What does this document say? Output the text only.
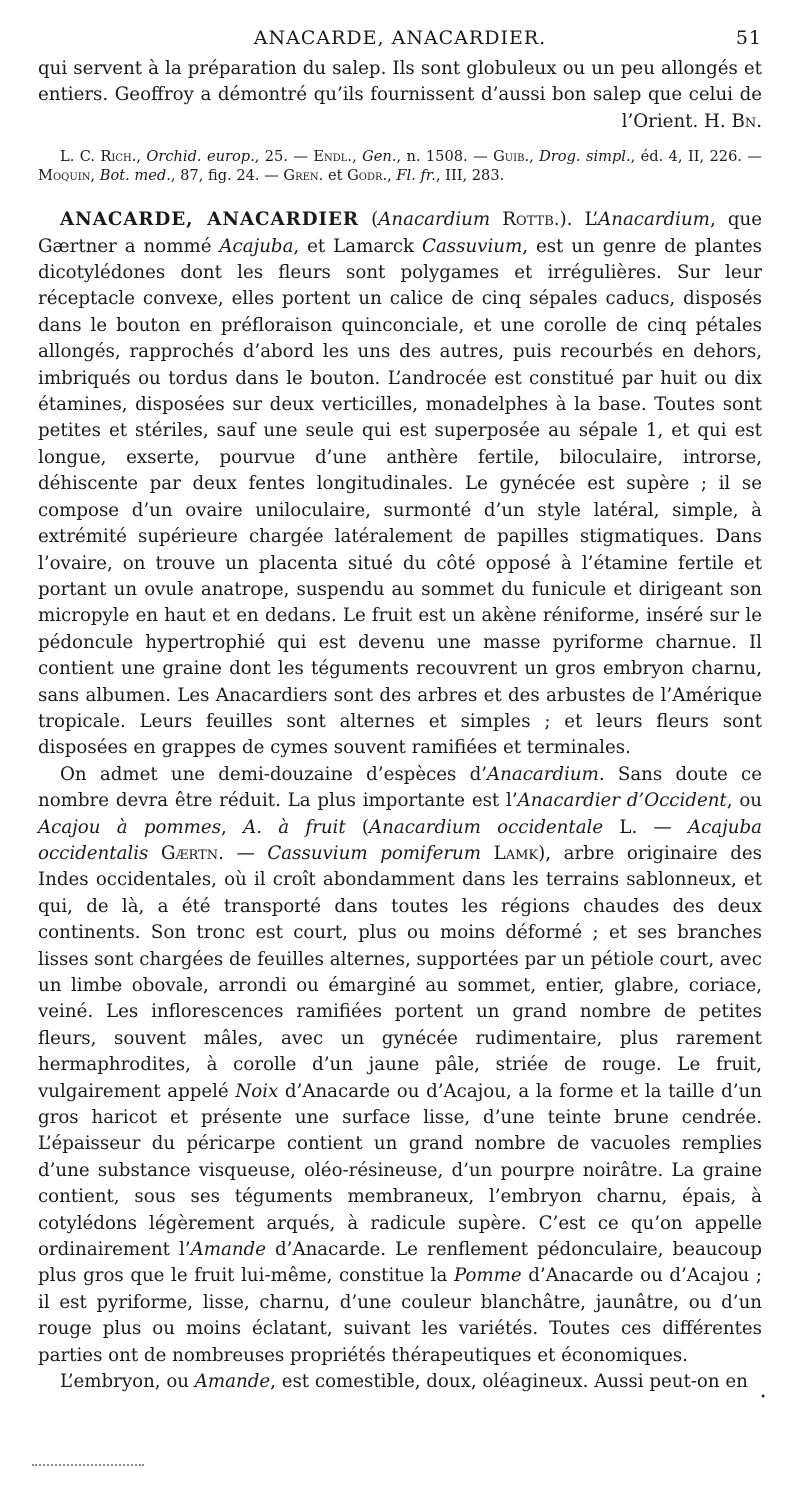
ANACARDE, ANACARDIER.	51

qui servent à la préparation du salep. Ils sont globuleux ou un peu allongés et entiers. Geoffroy a démontré qu’ils fournissent d’aussi bon salep que celui de l’Orient. H. Bn.

L. C. Rich., Orchid. europ., 25. — Endl., Gen., n. 1508. — Guib., Drog. simpl., éd. 4, II, 226. — Moquin, Bot. med., 87, fig. 24. — Gren. et Godr., Fl. fr., III, 283.

ANACARDE, ANACARDIER (Anacardium Rottb.). L’Anacardium, que Gærtner a nommé Acajuba, et Lamarck Cassuvium, est un genre de plantes dicotylédones dont les fleurs sont polygames et irrégulières. Sur leur réceptacle convexe, elles portent un calice de cinq sépales caducs, disposés dans le bouton en préfloraison quinconciale, et une corolle de cinq pétales allongés, rapprochés d’abord les uns des autres, puis recourbés en dehors, imbriqués ou tordus dans le bouton. L’androcée est constitué par huit ou dix étamines, disposées sur deux verticilles, monadelphes à la base. Toutes sont petites et stériles, sauf une seule qui est superposée au sépale 1, et qui est longue, exserte, pourvue d’une anthère fertile, biloculaire, introrse, déhiscente par deux fentes longitudinales. Le gynécée est supère ; il se compose d’un ovaire uniloculaire, surmonté d’un style latéral, simple, à extrémité supérieure chargée latéralement de papilles stigmatiques. Dans l’ovaire, on trouve un placenta situé du côté opposé à l’étamine fertile et portant un ovule anatrope, suspendu au sommet du funicule et dirigeant son micropyle en haut et en dedans. Le fruit est un akène réniforme, inséré sur le pédoncule hypertrophié qui est devenu une masse pyriforme charnue. Il contient une graine dont les téguments recouvrent un gros embryon charnu, sans albumen. Les Anacardiers sont des arbres et des arbustes de l’Amérique tropicale. Leurs feuilles sont alternes et simples ; et leurs fleurs sont disposées en grappes de cymes souvent ramifiées et terminales.

On admet une demi-douzaine d’espèces d’Anacardium. Sans doute ce nombre devra être réduit. La plus importante est l’Anacardier d’Occident, ou Acajou à pommes, A. à fruit (Anacardium occidentale L. — Acajuba occidentalis Gærtn. — Cassuvium pomiferum Lamk), arbre originaire des Indes occidentales, où il croît abondamment dans les terrains sablonneux, et qui, de là, a été transporté dans toutes les régions chaudes des deux continents. Son tronc est court, plus ou moins déformé ; et ses branches lisses sont chargées de feuilles alternes, supportées par un pétiole court, avec un limbe obovale, arrondi ou émarginé au sommet, entier, glabre, coriace, veiné. Les inflorescences ramifiées portent un grand nombre de petites fleurs, souvent mâles, avec un gynécée rudimentaire, plus rarement hermaphrodites, à corolle d’un jaune pâle, striée de rouge. Le fruit, vulgairement appelé Noix d’Anacarde ou d’Acajou, a la forme et la taille d’un gros haricot et présente une surface lisse, d’une teinte brune cendrée. L’épaisseur du péricarpe contient un grand nombre de vacuoles remplies d’une substance visqueuse, oléo-résineuse, d’un pourpre noirâtre. La graine contient, sous ses téguments membraneux, l’embryon charnu, épais, à cotylédons légèrement arqués, à radicule supère. C’est ce qu’on appelle ordinairement l’Amande d’Anacarde. Le renflement pédonculaire, beaucoup plus gros que le fruit lui-même, constitue la Pomme d’Anacarde ou d’Acajou ; il est pyriforme, lisse, charnu, d’une couleur blanchâtre, jaunâtre, ou d’un rouge plus ou moins éclatant, suivant les variétés. Toutes ces différentes parties ont de nombreuses propriétés thérapeutiques et économiques.

L’embryon, ou Amande, est comestible, doux, oléagineux. Aussi peut-on en

•
